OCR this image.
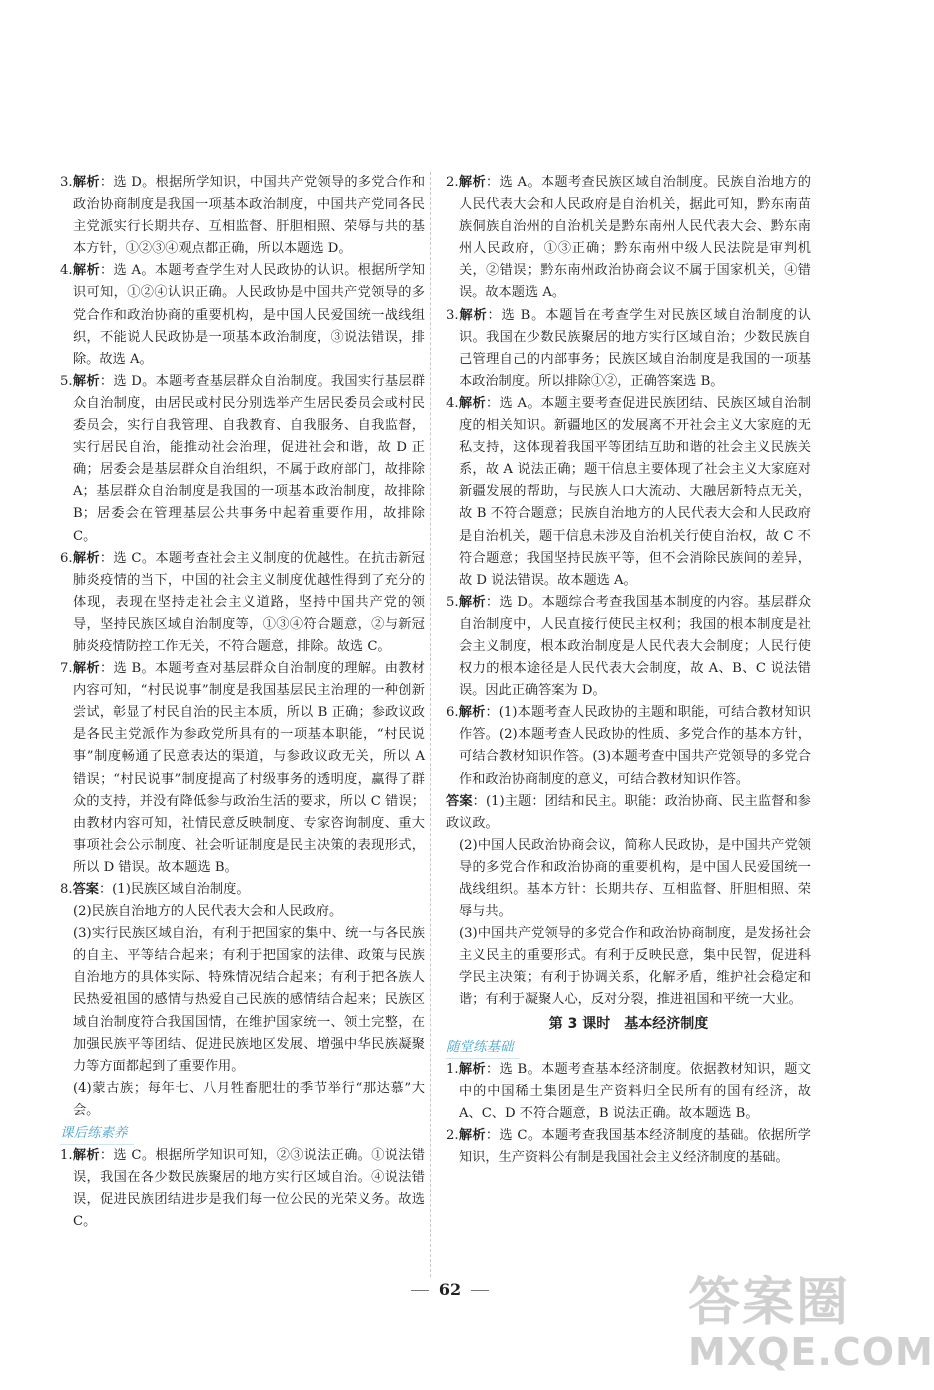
3.解析：选 D。根据所学知识，中国共产党领导的多党合作和政治协商制度是我国一项基本政治制度，中国共产党同各民主党派实行长期共存、互相监督、肝胆相照、荣辱与共的基本方针，①②③④观点都正确，所以本题选 D。
4.解析：选 A。本题考查学生对人民政协的认识。根据所学知识可知，①②④认识正确。人民政协是中国共产党领导的多党合作和政治协商的重要机构，是中国人民爱国统一战线组织，不能说人民政协是一项基本政治制度，③说法错误，排除。故选 A。
5.解析：选 D。本题考查基层群众自治制度。我国实行基层群众自治制度，由居民或村民分别选举产生居民委员会或村民委员会，实行自我管理、自我教育、自我服务、自我监督，实行居民自治，能推动社会治理，促进社会和谐，故 D 正确；居委会是基层群众自治组织，不属于政府部门，故排除 A；基层群众自治制度是我国的一项基本政治制度，故排除 B；居委会在管理基层公共事务中起着重要作用，故排除 C。
6.解析：选 C。本题考查社会主义制度的优越性。在抗击新冠肺炎疫情的当下，中国的社会主义制度优越性得到了充分的体现，表现在坚持走社会主义道路，坚持中国共产党的领导，坚持民族区域自治制度等，①③④符合题意，②与新冠肺炎疫情防控工作无关，不符合题意，排除。故选 C。
7.解析：选 B。本题考查对基层群众自治制度的理解。由教材内容可知，“村民说事”制度是我国基层民主治理的一种创新尝试，彰显了村民自治的民主本质，所以 B 正确；参政议政是各民主党派作为参政党所具有的一项基本职能，“村民说事”制度畅通了民意表达的渠道，与参政议政无关，所以 A 错误；“村民说事”制度提高了村级事务的透明度，赢得了群众的支持，并没有降低参与政治生活的要求，所以 C 错误；由教材内容可知，社情民意反映制度、专家咨询制度、重大事项社会公示制度、社会听证制度是民主决策的表现形式，所以 D 错误。故本题选 B。
8.答案：(1)民族区域自治制度。
(2)民族自治地方的人民代表大会和人民政府。
(3)实行民族区域自治，有利于把国家的集中、统一与各民族的自主、平等结合起来；有利于把国家的法律、政策与民族自治地方的具体实际、特殊情况结合起来；有利于把各族人民热爱祖国的感情与热爱自己民族的感情结合起来；民族区域自治制度符合我国国情，在维护国家统一、领土完整，在加强民族平等团结、促进民族地区发展、增强中华民族凝聚力等方面都起到了重要作用。
(4)蒙古族；每年七、八月牲畜肥壮的季节举行“那达慕”大会。
课后练素养
1.解析：选 C。根据所学知识可知，②③说法正确。①说法错误，我国在各少数民族聚居的地方实行区域自治。④说法错误，促进民族团结进步是我们每一位公民的光荣义务。故选 C。
2.解析：选 A。本题考查民族区域自治制度。民族自治地方的人民代表大会和人民政府是自治机关，据此可知，黔东南苗族侗族自治州的自治机关是黔东南州人民代表大会、黔东南州人民政府，①③正确；黔东南州中级人民法院是审判机关，②错误；黔东南州政治协商会议不属于国家机关，④错误。故本题选 A。
3.解析：选 B。本题旨在考查学生对民族区域自治制度的认识。我国在少数民族聚居的地方实行区域自治；少数民族自己管理自己的内部事务；民族区域自治制度是我国的一项基本政治制度。所以排除①②，正确答案选 B。
4.解析：选 A。本题主要考查促进民族团结、民族区域自治制度的相关知识。新疆地区的发展离不开社会主义大家庭的无私支持，这体现着我国平等团结互助和谐的社会主义民族关系，故 A 说法正确；题干信息主要体现了社会主义大家庭对新疆发展的帮助，与民族人口大流动、大融居新特点无关，故 B 不符合题意；民族自治地方的人民代表大会和人民政府是自治机关，题干信息未涉及自治机关行使自治权，故 C 不符合题意；我国坚持民族平等，但不会消除民族间的差异，故 D 说法错误。故本题选 A。
5.解析：选 D。本题综合考查我国基本制度的内容。基层群众自治制度中，人民直接行使民主权利；我国的根本制度是社会主义制度，根本政治制度是人民代表大会制度；人民行使权力的根本途径是人民代表大会制度，故 A、B、C 说法错误。因此正确答案为 D。
6.解析：(1)本题考查人民政协的主题和职能，可结合教材知识作答。(2)本题考查人民政协的性质、多党合作的基本方针，可结合教材知识作答。(3)本题考查中国共产党领导的多党合作和政治协商制度的意义，可结合教材知识作答。
答案：(1)主题：团结和民主。职能：政治协商、民主监督和参政议政。
(2)中国人民政治协商会议，简称人民政协，是中国共产党领导的多党合作和政治协商的重要机构，是中国人民爱国统一战线组织。基本方针：长期共存、互相监督、肝胆相照、荣辱与共。
(3)中国共产党领导的多党合作和政治协商制度，是发扬社会主义民主的重要形式。有利于反映民意，集中民智，促进科学民主决策；有利于协调关系，化解矛盾，维护社会稳定和谐；有利于凝聚人心，反对分裂，推进祖国和平统一大业。
第 3 课时　基本经济制度
随堂练基础
1.解析：选 B。本题考查基本经济制度。依据教材知识，题文中的中国稀土集团是生产资料归全民所有的国有经济，故 A、C、D 不符合题意，B 说法正确。故本题选 B。
2.解析：选 C。本题考查我国基本经济制度的基础。依据所学知识，生产资料公有制是我国社会主义经济制度的基础。
62	答案圈
MXQE.COM
